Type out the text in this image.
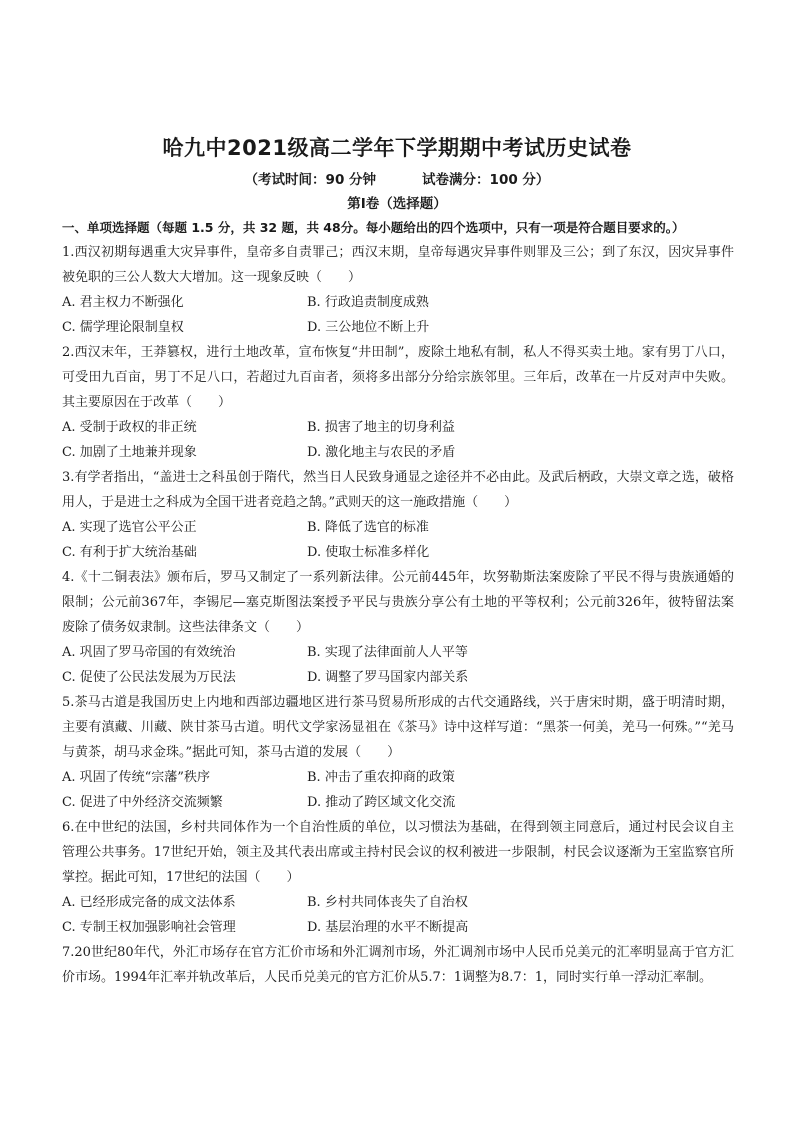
哈九中2021级高二学年下学期期中考试历史试卷
（考试时间：90 分钟	试卷满分：100 分）
第Ⅰ卷（选择题）
一、单项选择题（每题 1.5 分，共 32 题，共 48分。每小题给出的四个选项中，只有一项是符合题目要求的。）
1.西汉初期每遇重大灾异事件，皇帝多自责罪己；西汉末期，皇帝每遇灾异事件则罪及三公；到了东汉，因灾异事件被免职的三公人数大大增加。这一现象反映（　　）
A. 君主权力不断强化	B. 行政追责制度成熟
C. 儒学理论限制皇权	D. 三公地位不断上升
2.西汉末年，王莽篡权，进行土地改革，宣布恢复“井田制”，废除土地私有制，私人不得买卖土地。家有男丁八口，可受田九百亩，男丁不足八口，若超过九百亩者，须将多出部分分给宗族邻里。三年后，改革在一片反对声中失败。其主要原因在于改革（　　）
A. 受制于政权的非正统	B. 损害了地主的切身利益
C. 加剧了土地兼并现象	D. 激化地主与农民的矛盾
3.有学者指出，“盖进士之科虽创于隋代，然当日人民致身通显之途径并不必由此。及武后柄政，大崇文章之选，破格用人，于是进士之科成为全国干进者竞趋之鹄。”武则天的这一施政措施（　　）
A. 实现了选官公平公正	B. 降低了选官的标准
C. 有利于扩大统治基础	D. 使取士标准多样化
4.《十二铜表法》颁布后，罗马又制定了一系列新法律。公元前445年，坎努勒斯法案废除了平民不得与贵族通婚的限制；公元前367年，李锡尼—塞克斯图法案授予平民与贵族分享公有土地的平等权利；公元前326年，彼特留法案废除了债务奴隶制。这些法律条文（　　）
A. 巩固了罗马帝国的有效统治	B. 实现了法律面前人人平等
C. 促使了公民法发展为万民法	D. 调整了罗马国家内部关系
5.茶马古道是我国历史上内地和西部边疆地区进行茶马贸易所形成的古代交通路线，兴于唐宋时期，盛于明清时期，主要有滇藏、川藏、陕甘茶马古道。明代文学家汤显祖在《茶马》诗中这样写道：“黑茶一何美，羌马一何殊。”“羌马与黄茶，胡马求金珠。”据此可知，茶马古道的发展（　　）
A. 巩固了传统“宗藩”秩序	B. 冲击了重农抑商的政策
C. 促进了中外经济交流频繁	D. 推动了跨区域文化交流
6.在中世纪的法国，乡村共同体作为一个自治性质的单位，以习惯法为基础，在得到领主同意后，通过村民会议自主管理公共事务。17世纪开始，领主及其代表出席或主持村民会议的权利被进一步限制，村民会议逐渐为王室监察官所掌控。据此可知，17世纪的法国（　　）
A. 已经形成完备的成文法体系	B. 乡村共同体丧失了自治权
C. 专制王权加强影响社会管理	D. 基层治理的水平不断提高
7.20世纪80年代，外汇市场存在官方汇价市场和外汇调剂市场，外汇调剂市场中人民币兑美元的汇率明显高于官方汇价市场。1994年汇率并轨改革后，人民币兑美元的官方汇价从5.7：1调整为8.7：1，同时实行单一浮动汇率制。
